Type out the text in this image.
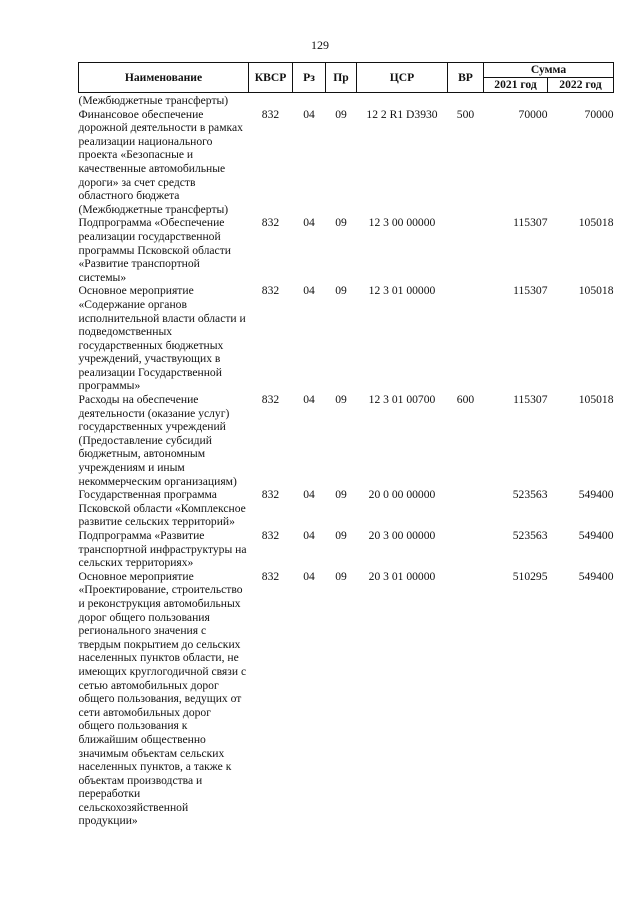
129
Наименование	КВСР	Рз	Пр	ЦСР	ВР	Сумма	
						2021 год	2022 год
(Межбюджетные трансферты)							
Финансовое обеспечение дорожной деятельности в рамках реализации национального проекта «Безопасные и качественные автомобильные дороги» за счет средств областного бюджета (Межбюджетные трансферты)	832	04	09	12 2 R1 D3930	500	70000	70000
Подпрограмма «Обеспечение реализации государственной программы Псковской области «Развитие транспортной системы»	832	04	09	12 3 00 00000		115307	105018
Основное мероприятие «Содержание органов исполнительной власти области и подведомственных государственных бюджетных учреждений, участвующих в реализации Государственной программы»	832	04	09	12 3 01 00000		115307	105018
Расходы на обеспечение деятельности (оказание услуг) государственных учреждений (Предоставление субсидий бюджетным, автономным учреждениям и иным некоммерческим организациям)	832	04	09	12 3 01 00700	600	115307	105018
Государственная программа Псковской области «Комплексное развитие сельских территорий»	832	04	09	20 0 00 00000		523563	549400
Подпрограмма «Развитие транспортной инфраструктуры на сельских территориях»	832	04	09	20 3 00 00000		523563	549400
Основное мероприятие «Проектирование, строительство и реконструкция автомобильных дорог общего пользования регионального значения с твердым покрытием до сельских населенных пунктов области, не имеющих круглогодичной связи с сетью автомобильных дорог общего пользования, ведущих от сети автомобильных дорог общего пользования к ближайшим общественно значимым объектам сельских населенных пунктов, а также к объектам производства и переработки сельскохозяйственной продукции»	832	04	09	20 3 01 00000		510295	549400
